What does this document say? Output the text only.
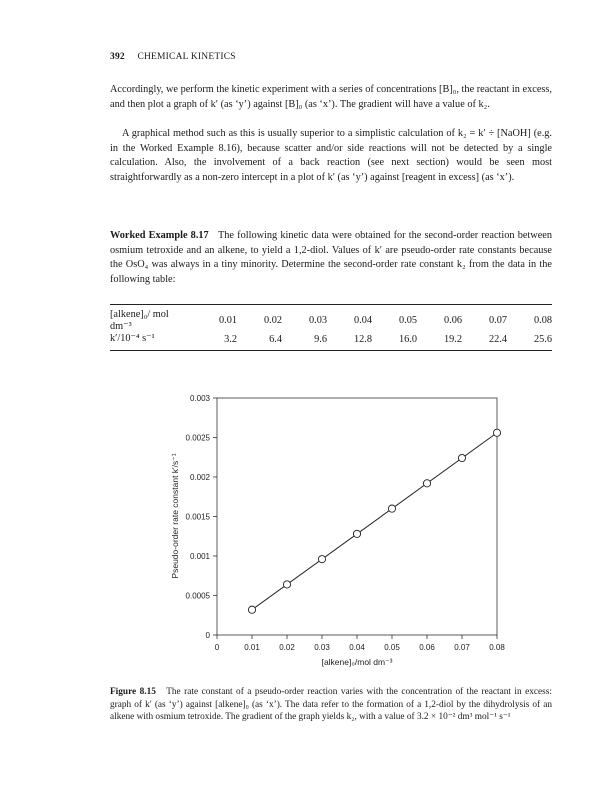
392 CHEMICAL KINETICS
Accordingly, we perform the kinetic experiment with a series of concentrations [B]₀, the reactant in excess, and then plot a graph of k′ (as ‘y’) against [B]₀ (as ‘x’). The gradient will have a value of k₂.
A graphical method such as this is usually superior to a simplistic calculation of k₂ = k′ ÷ [NaOH] (e.g. in the Worked Example 8.16), because scatter and/or side reactions will not be detected by a single calculation. Also, the involvement of a back reaction (see next section) would be seen most straightforwardly as a non-zero intercept in a plot of k′ (as ‘y’) against [reagent in excess] (as ‘x’).
Worked Example 8.17 The following kinetic data were obtained for the second-order reaction between osmium tetroxide and an alkene, to yield a 1,2-diol. Values of k′ are pseudo-order rate constants because the OsO₄ was always in a tiny minority. Determine the second-order rate constant k₂ from the data in the following table:
[alkene]₀/ mol dm⁻³	0.01	0.02	0.03	0.04	0.05	0.06	0.07	0.08
k′/10⁻⁴ s⁻¹	3.2	6.4	9.6	12.8	16.0	19.2	22.4	25.6
Figure 8.15 The rate constant of a pseudo-order reaction varies with the concentration of the reactant in excess: graph of k′ (as ‘y’) against [alkene]₀ (as ‘x’). The data refer to the formation of a 1,2-diol by the dihydrolysis of an alkene with osmium tetroxide. The gradient of the graph yields k₂, with a value of 3.2 × 10⁻² dm³ mol⁻¹ s⁻¹
0	0.01 0.02 0.03 0.04 0.05 0.06 0.07 0.08
0
0.0005
0.001
0.0015
0.002
0.0025
0.003
[alkene]₀/mol dm⁻³
Pseudo-order rate constant k′/s⁻¹
